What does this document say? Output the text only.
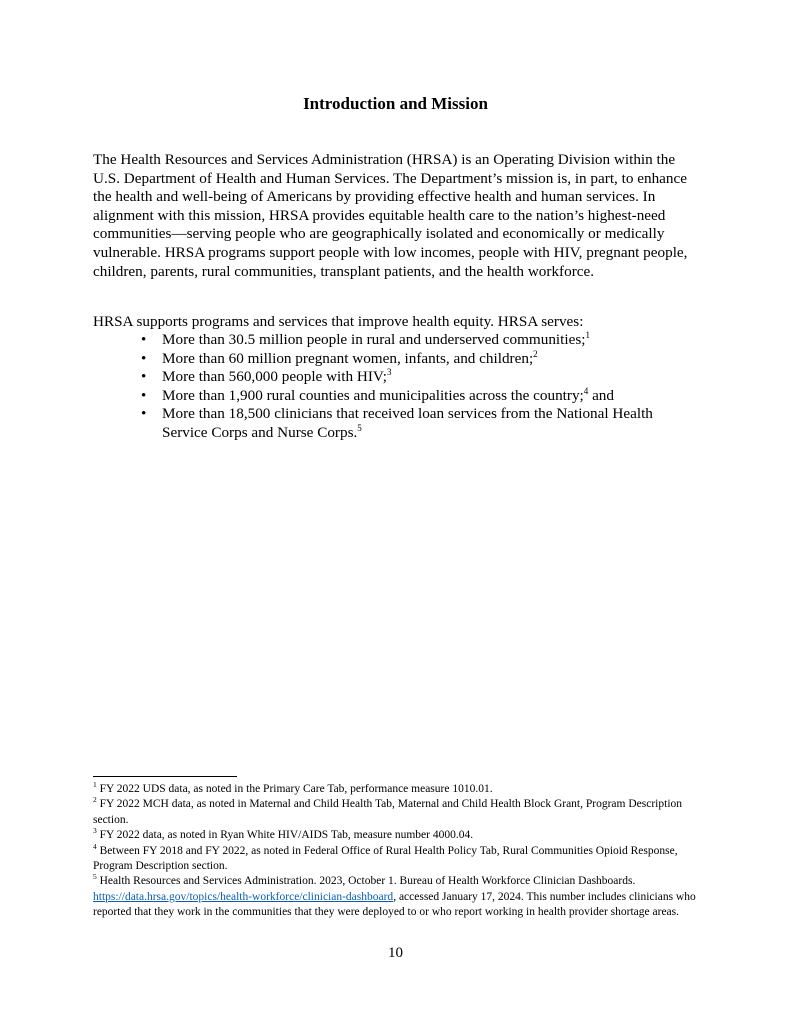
Introduction and Mission

The Health Resources and Services Administration (HRSA) is an Operating Division within the U.S. Department of Health and Human Services. The Department’s mission is, in part, to enhance the health and well-being of Americans by providing effective health and human services. In alignment with this mission, HRSA provides equitable health care to the nation’s highest-need communities—serving people who are geographically isolated and economically or medically vulnerable. HRSA programs support people with low incomes, people with HIV, pregnant people, children, parents, rural communities, transplant patients, and the health workforce.

HRSA supports programs and services that improve health equity. HRSA serves:

• More than 30.5 million people in rural and underserved communities;$^1$
• More than 60 million pregnant women, infants, and children;$^2$
• More than 560,000 people with HIV;$^3$
• More than 1,900 rural counties and municipalities across the country;$^4$ and
• More than 18,500 clinicians that received loan services from the National Health Service Corps and Nurse Corps.$^5$
$^1$ FY 2022 UDS data, as noted in the Primary Care Tab, performance measure 1010.01.
$^2$ FY 2022 MCH data, as noted in Maternal and Child Health Tab, Maternal and Child Health Block Grant, Program Description section.
$^3$ FY 2022 data, as noted in Ryan White HIV/AIDS Tab, measure number 4000.04.
$^4$ Between FY 2018 and FY 2022, as noted in Federal Office of Rural Health Policy Tab, Rural Communities Opioid Response, Program Description section.
$^5$ Health Resources and Services Administration. 2023, October 1. Bureau of Health Workforce Clinician Dashboards. https://data.hrsa.gov/topics/health-workforce/clinician-dashboard, accessed January 17, 2024. This number includes clinicians who reported that they work in the communities that they were deployed to or who report working in health provider shortage areas.
10
